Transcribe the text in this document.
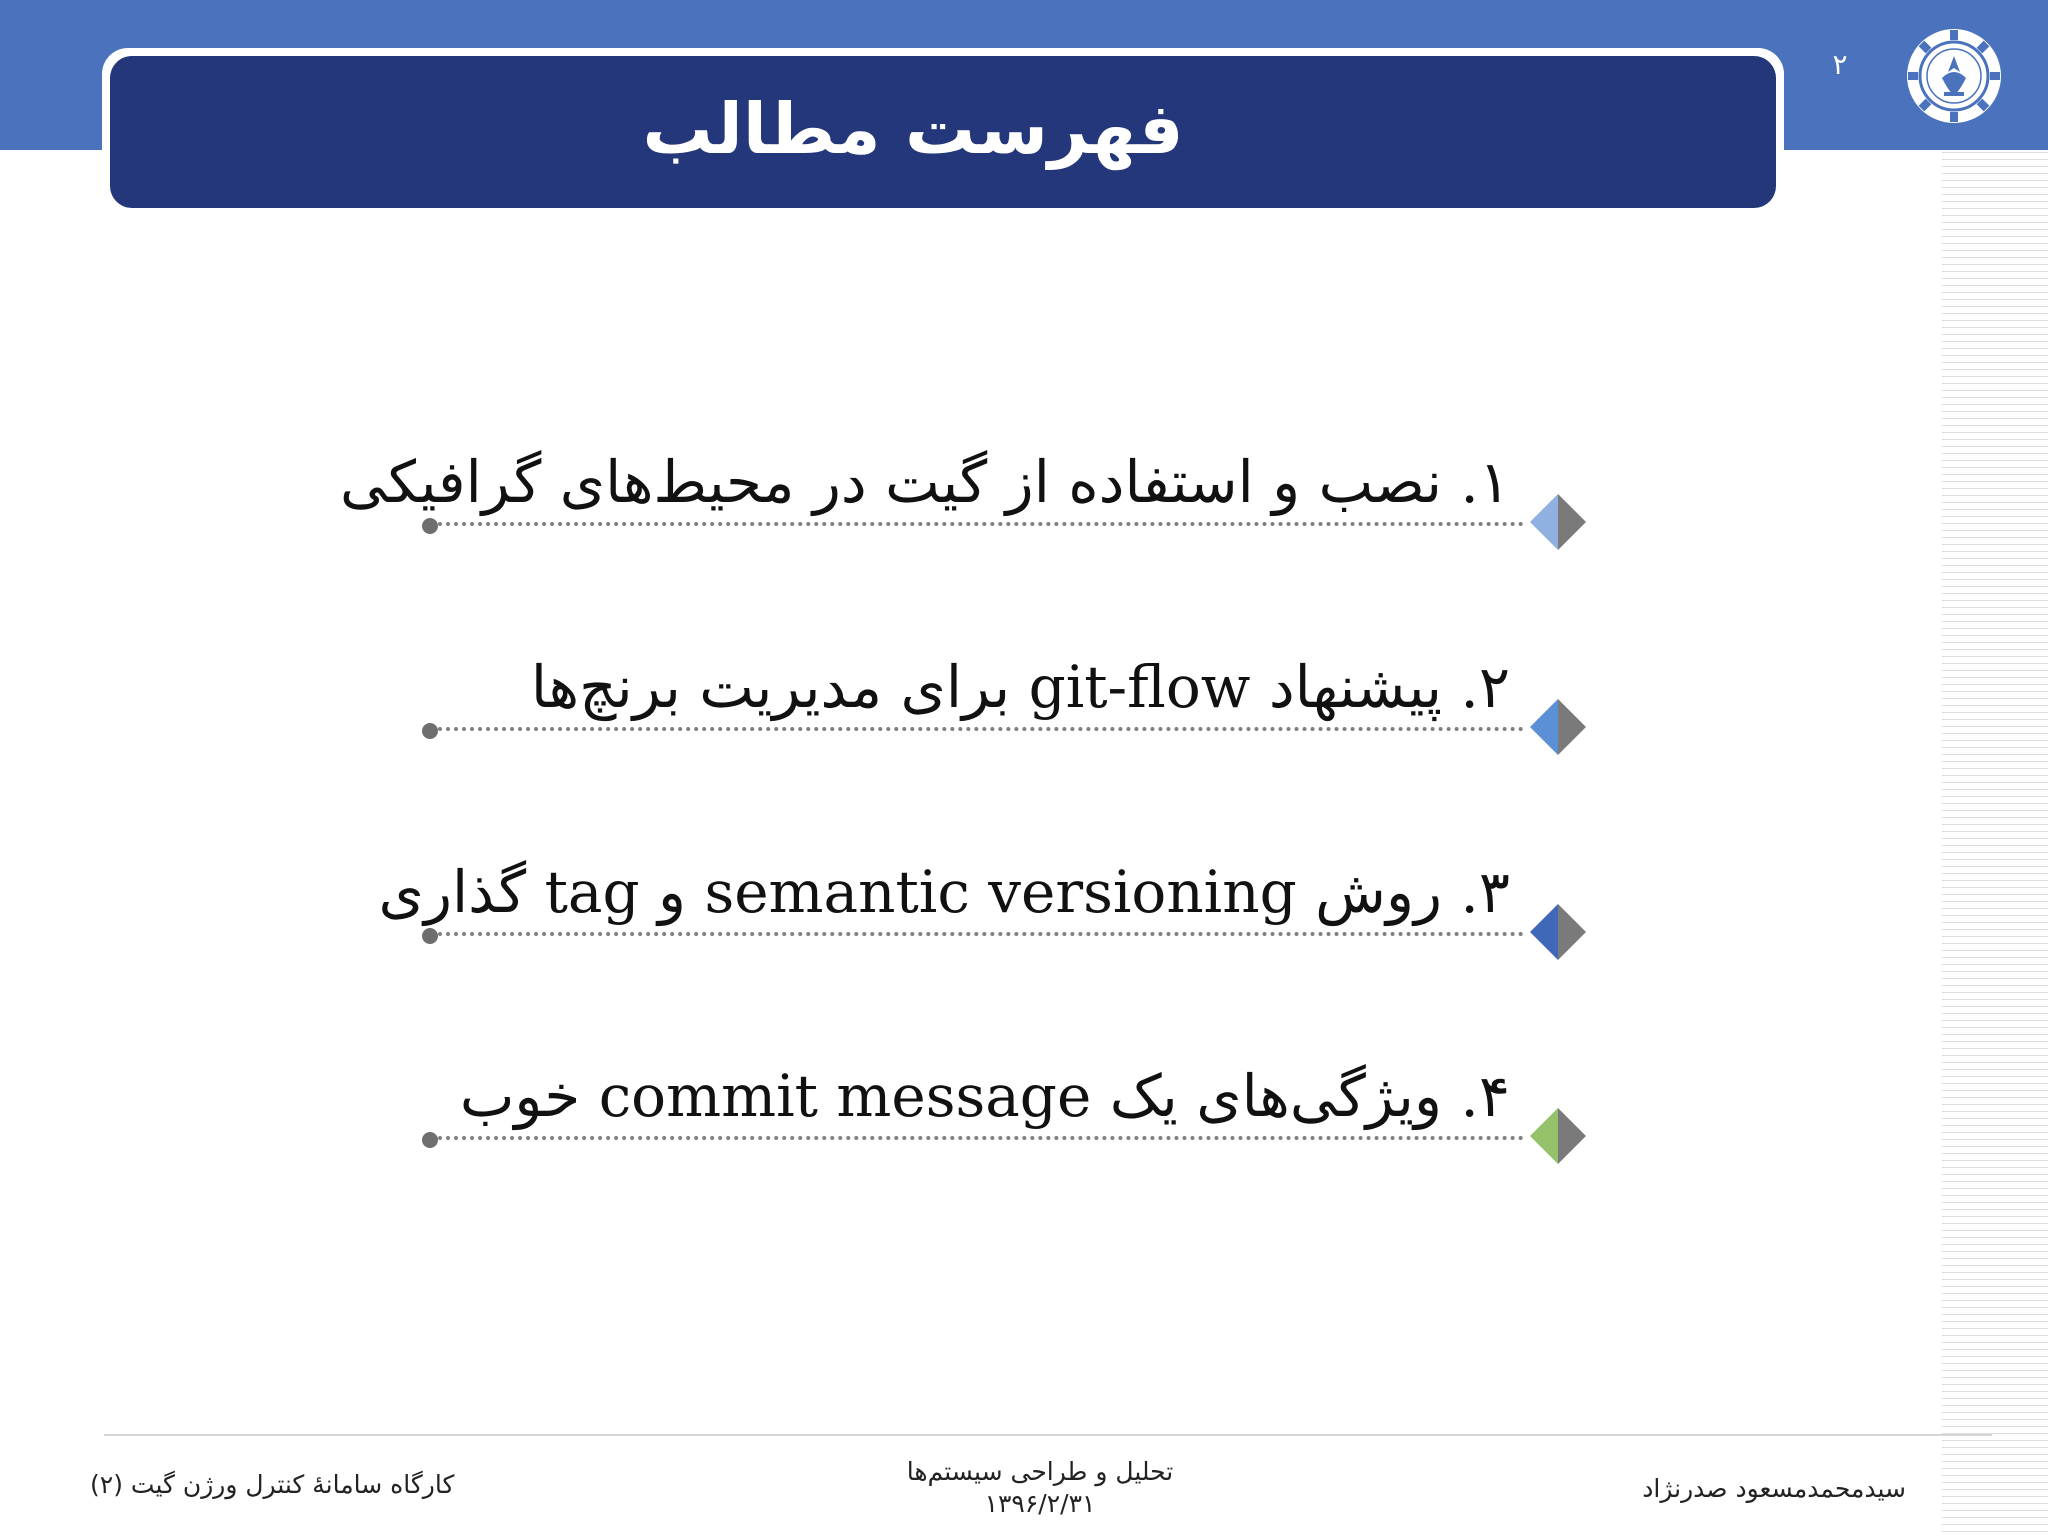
فهرست مطالب
۲
۱. نصب و استفاده از گیت در محیط‌های گرافیکی
۲. پیشنهاد git-flow برای مدیریت برنچ‌ها
۳. روش semantic versioning و tag گذاری
۴. ویژگی‌های یک commit message خوب
کارگاه سامانهٔ کنترل ورژن گیت (۲)	تحلیل و طراحی سیستم‌ها
۱۳۹۶/۲/۳۱
سیدمحمدمسعود صدرنژاد
